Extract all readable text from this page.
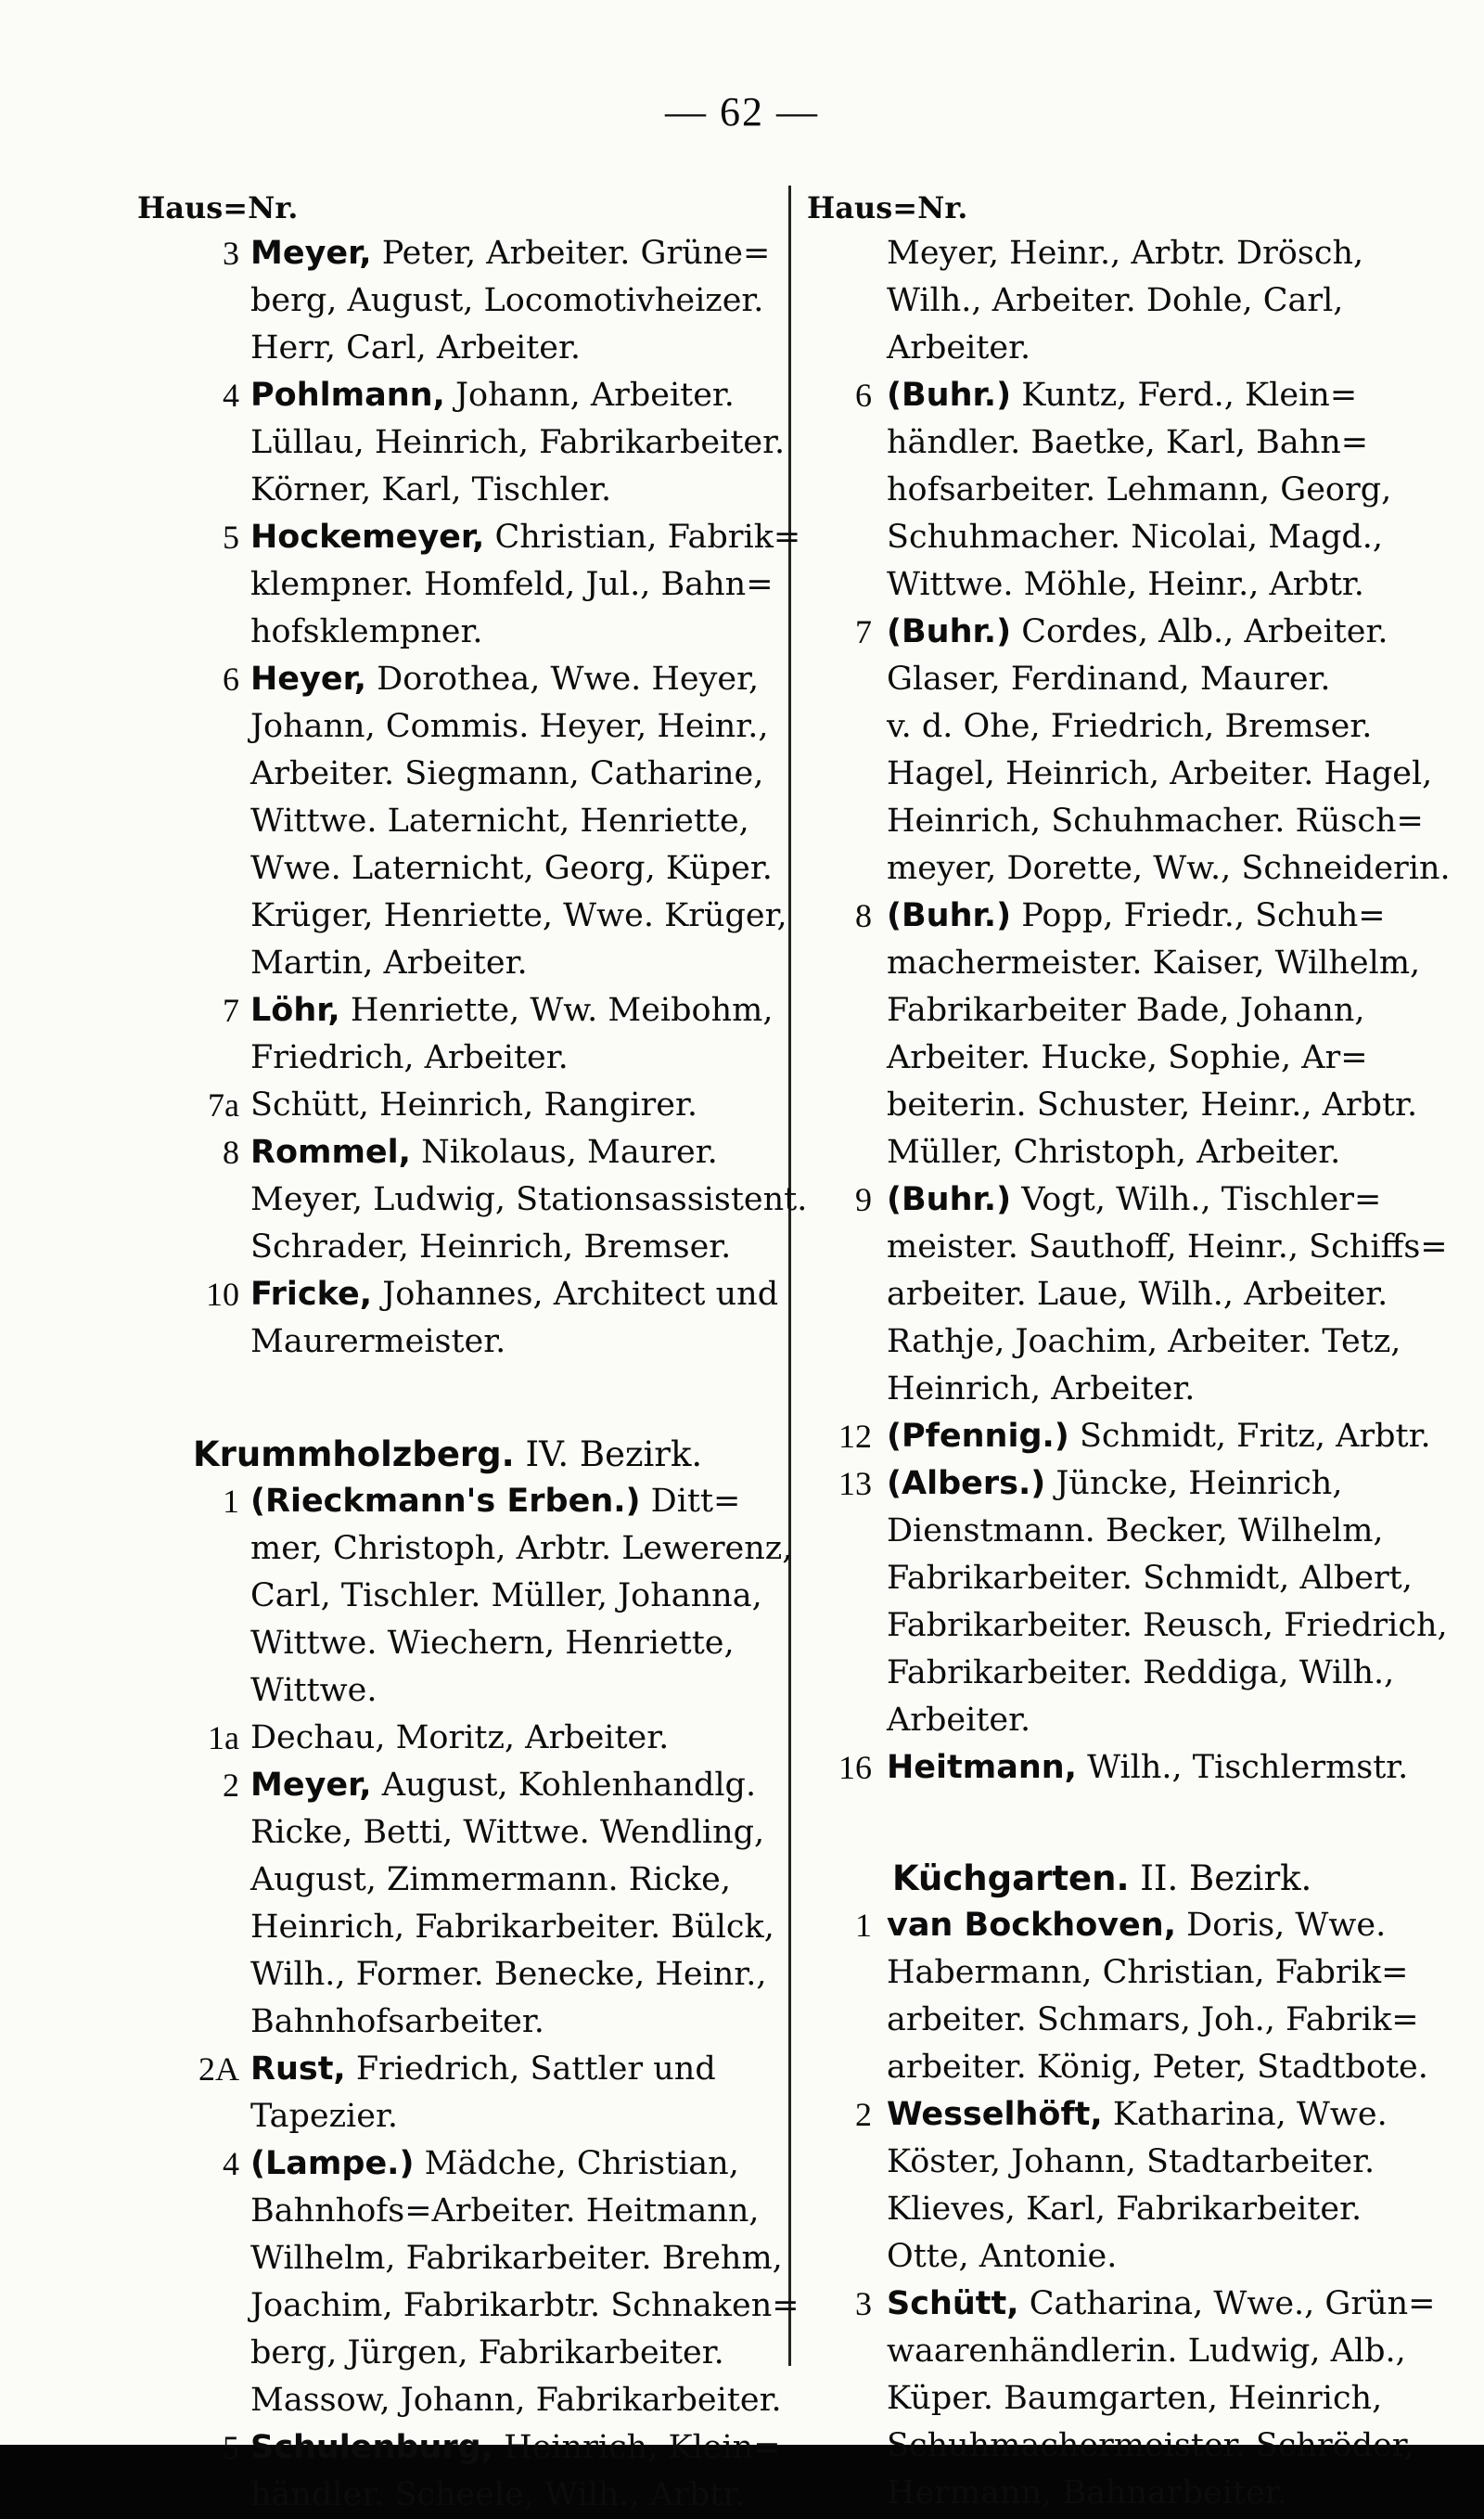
— 62 —
Haus=Nr.
3 Meyer, Peter, Arbeiter. Grüne=
berg, August, Locomotivheizer.
Herr, Carl, Arbeiter.
4 Pohlmann, Johann, Arbeiter.
Lüllau, Heinrich, Fabrikarbeiter.
Körner, Karl, Tischler.
5 Hockemeyer, Christian, Fabrik=
klempner. Homfeld, Jul., Bahn=
hofsklempner.
6 Heyer, Dorothea, Wwe. Heyer,
Johann, Commis. Heyer, Heinr.,
Arbeiter. Siegmann, Catharine,
Wittwe. Laternicht, Henriette,
Wwe. Laternicht, Georg, Küper.
Krüger, Henriette, Wwe. Krüger,
Martin, Arbeiter.
7 Löhr, Henriette, Ww. Meibohm,
Friedrich, Arbeiter.
7a Schütt, Heinrich, Rangirer.
8 Rommel, Nikolaus, Maurer.
Meyer, Ludwig, Stationsassistent.
Schrader, Heinrich, Bremser.
10 Fricke, Johannes, Architect und
Maurermeister.
Krummholzberg. IV. Bezirk.
1 (Rieckmann's Erben.) Ditt=
mer, Christoph, Arbtr. Lewerenz,
Carl, Tischler. Müller, Johanna,
Wittwe. Wiechern, Henriette,
Wittwe.
1a Dechau, Moritz, Arbeiter.
2 Meyer, August, Kohlenhandlg.
Ricke, Betti, Wittwe. Wendling,
August, Zimmermann. Ricke,
Heinrich, Fabrikarbeiter. Bülck,
Wilh., Former. Benecke, Heinr.,
Bahnhofsarbeiter.
2A Rust, Friedrich, Sattler und
Tapezier.
4 (Lampe.) Mädche, Christian,
Bahnhofs=Arbeiter. Heitmann,
Wilhelm, Fabrikarbeiter. Brehm,
Joachim, Fabrikarbtr. Schnaken=
berg, Jürgen, Fabrikarbeiter.
Massow, Johann, Fabrikarbeiter.
5 Schulenburg, Heinrich, Klein=
händler. Scheele, Wilh., Arbtr.
Haus=Nr.
Meyer, Heinr., Arbtr. Drösch,
Wilh., Arbeiter. Dohle, Carl,
Arbeiter.
6 (Buhr.) Kuntz, Ferd., Klein=
händler. Baetke, Karl, Bahn=
hofsarbeiter. Lehmann, Georg,
Schuhmacher. Nicolai, Magd.,
Wittwe. Möhle, Heinr., Arbtr.
7 (Buhr.) Cordes, Alb., Arbeiter.
Glaser, Ferdinand, Maurer.
v. d. Ohe, Friedrich, Bremser.
Hagel, Heinrich, Arbeiter. Hagel,
Heinrich, Schuhmacher. Rüsch=
meyer, Dorette, Ww., Schneiderin.
8 (Buhr.) Popp, Friedr., Schuh=
machermeister. Kaiser, Wilhelm,
Fabrikarbeiter Bade, Johann,
Arbeiter. Hucke, Sophie, Ar=
beiterin. Schuster, Heinr., Arbtr.
Müller, Christoph, Arbeiter.
9 (Buhr.) Vogt, Wilh., Tischler=
meister. Sauthoff, Heinr., Schiffs=
arbeiter. Laue, Wilh., Arbeiter.
Rathje, Joachim, Arbeiter. Tetz,
Heinrich, Arbeiter.
12 (Pfennig.) Schmidt, Fritz, Arbtr.
13 (Albers.) Jüncke, Heinrich,
Dienstmann. Becker, Wilhelm,
Fabrikarbeiter. Schmidt, Albert,
Fabrikarbeiter. Reusch, Friedrich,
Fabrikarbeiter. Reddiga, Wilh.,
Arbeiter.
16 Heitmann, Wilh., Tischlermstr.
Küchgarten. II. Bezirk.
1 van Bockhoven, Doris, Wwe.
Habermann, Christian, Fabrik=
arbeiter. Schmars, Joh., Fabrik=
arbeiter. König, Peter, Stadtbote.
2 Wesselhöft, Katharina, Wwe.
Köster, Johann, Stadtarbeiter.
Klieves, Karl, Fabrikarbeiter.
Otte, Antonie.
3 Schütt, Catharina, Wwe., Grün=
waarenhändlerin. Ludwig, Alb.,
Küper. Baumgarten, Heinrich,
Schuhmachermeister. Schröder,
Hermann, Bahnarbeiter.
